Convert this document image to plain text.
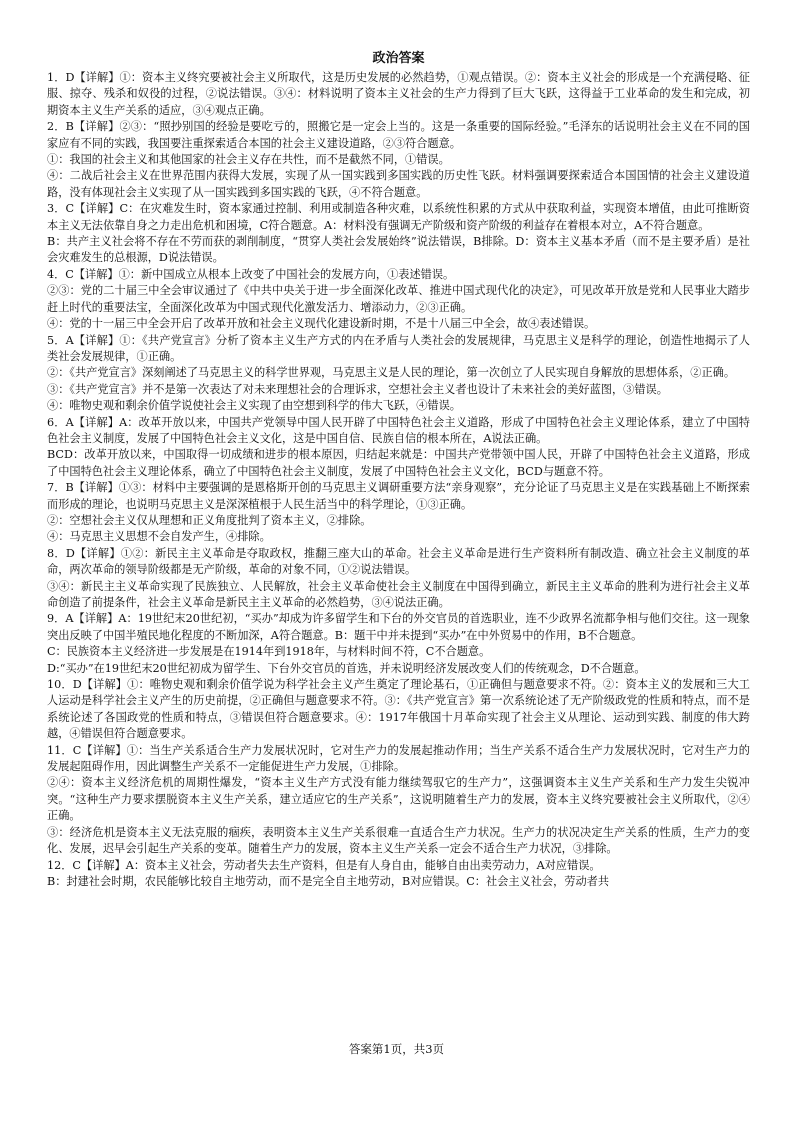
政治答案

1．D【详解】①：资本主义终究要被社会主义所取代，这是历史发展的必然趋势，①观点错误。②：资本主义社会的形成是一个充满侵略、征服、掠夺、残杀和奴役的过程，②说法错误。③④：材料说明了资本主义社会的生产力得到了巨大飞跃，这得益于工业革命的发生和完成，初期资本主义生产关系的适应，③④观点正确。

2．B【详解】②③：“照抄别国的经验是要吃亏的，照搬它是一定会上当的。这是一条重要的国际经验。”毛泽东的话说明社会主义在不同的国家应有不同的实践，我国要注重探索适合本国的社会主义建设道路，②③符合题意。

①：我国的社会主义和其他国家的社会主义存在共性，而不是截然不同，①错误。

④：二战后社会主义在世界范围内获得大发展，实现了从一国实践到多国实践的历史性飞跃。材料强调要探索适合本国国情的社会主义建设道路，没有体现社会主义实现了从一国实践到多国实践的飞跃，④不符合题意。

3．C【详解】C：在灾难发生时，资本家通过控制、利用或制造各种灾难，以系统性积累的方式从中获取利益，实现资本增值，由此可推断资本主义无法依靠自身之力走出危机和困境，C符合题意。A：材料没有强调无产阶级和资产阶级的利益存在着根本对立，A不符合题意。

B：共产主义社会将不存在不劳而获的剥削制度，“贯穿人类社会发展始终”说法错误，B排除。D：资本主义基本矛盾（而不是主要矛盾）是社会灾难发生的总根源，D说法错误。

4．C【详解】①：新中国成立从根本上改变了中国社会的发展方向，①表述错误。

②③：党的二十届三中全会审议通过了《中共中央关于进一步全面深化改革、推进中国式现代化的决定》，可见改革开放是党和人民事业大踏步赶上时代的重要法宝，全面深化改革为中国式现代化激发活力、增添动力，②③正确。

④：党的十一届三中全会开启了改革开放和社会主义现代化建设新时期，不是十八届三中全会，故④表述错误。

5．A【详解】①：《共产党宣言》分析了资本主义生产方式的内在矛盾与人类社会的发展规律，马克思主义是科学的理论，创造性地揭示了人类社会发展规律，①正确。

②：《共产党宣言》深刻阐述了马克思主义的科学世界观，马克思主义是人民的理论，第一次创立了人民实现自身解放的思想体系，②正确。

③：《共产党宣言》并不是第一次表达了对未来理想社会的合理诉求，空想社会主义者也设计了未来社会的美好蓝图，③错误。

④：唯物史观和剩余价值学说使社会主义实现了由空想到科学的伟大飞跃，④错误。

6．A【详解】A：改革开放以来，中国共产党领导中国人民开辟了中国特色社会主义道路，形成了中国特色社会主义理论体系，建立了中国特色社会主义制度，发展了中国特色社会主义文化，这是中国自信、民族自信的根本所在，A说法正确。

BCD：改革开放以来，中国取得一切成绩和进步的根本原因，归结起来就是：中国共产党带领中国人民，开辟了中国特色社会主义道路，形成了中国特色社会主义理论体系，确立了中国特色社会主义制度，发展了中国特色社会主义文化，BCD与题意不符。

7．B【详解】①③：材料中主要强调的是恩格斯开创的马克思主义调研重要方法“亲身观察”，充分论证了马克思主义是在实践基础上不断探索而形成的理论，也说明马克思主义是深深植根于人民生活当中的科学理论，①③正确。

②：空想社会主义仅从理想和正义角度批判了资本主义，②排除。

④：马克思主义思想不会自发产生，④排除。

8．D【详解】①②：新民主主义革命是夺取政权，推翻三座大山的革命。社会主义革命是进行生产资料所有制改造、确立社会主义制度的革命，两次革命的领导阶级都是无产阶级，革命的对象不同，①②说法错误。

③④：新民主主义革命实现了民族独立、人民解放，社会主义革命使社会主义制度在中国得到确立，新民主主义革命的胜利为进行社会主义革命创造了前提条件，社会主义革命是新民主主义革命的必然趋势，③④说法正确。

9．A【详解】A：19世纪末20世纪初，“买办”却成为许多留学生和下台的外交官员的首选职业，连不少政界名流都争相与他们交往。这一现象突出反映了中国半殖民地化程度的不断加深，A符合题意。B：题干中并未提到“买办”在中外贸易中的作用，B不合题意。

C：民族资本主义经济进一步发展是在1914年到1918年，与材料时间不符，C不合题意。

D:“买办”在19世纪末20世纪初成为留学生、下台外交官员的首选，并未说明经济发展改变人们的传统观念，D不合题意。

10．D【详解】①：唯物史观和剩余价值学说为科学社会主义产生奠定了理论基石，①正确但与题意要求不符。②：资本主义的发展和三大工人运动是科学社会主义产生的历史前提，②正确但与题意要求不符。③：《共产党宣言》第一次系统论述了无产阶级政党的性质和特点，而不是系统论述了各国政党的性质和特点，③错误但符合题意要求。④：1917年俄国十月革命实现了社会主义从理论、运动到实践、制度的伟大跨越，④错误但符合题意要求。

11．C【详解】①：当生产关系适合生产力发展状况时，它对生产力的发展起推动作用；当生产关系不适合生产力发展状况时，它对生产力的发展起阻碍作用，因此调整生产关系不一定能促进生产力发展，①排除。

②④：资本主义经济危机的周期性爆发，“资本主义生产方式没有能力继续驾驭它的生产力”，这强调资本主义生产关系和生产力发生尖锐冲突。“这种生产力要求摆脱资本主义生产关系，建立适应它的生产关系”，这说明随着生产力的发展，资本主义终究要被社会主义所取代，②④正确。

③：经济危机是资本主义无法克服的痼疾，表明资本主义生产关系很难一直适合生产力状况。生产力的状况决定生产关系的性质，生产力的变化、发展，迟早会引起生产关系的变革。随着生产力的发展，资本主义生产关系一定会不适合生产力状况，③排除。

12．C【详解】A：资本主义社会，劳动者失去生产资料，但是有人身自由，能够自由出卖劳动力，A对应错误。

B：封建社会时期，农民能够比较自主地劳动，而不是完全自主地劳动，B对应错误。C：社会主义社会，劳动者共

答案第1页，共3页
